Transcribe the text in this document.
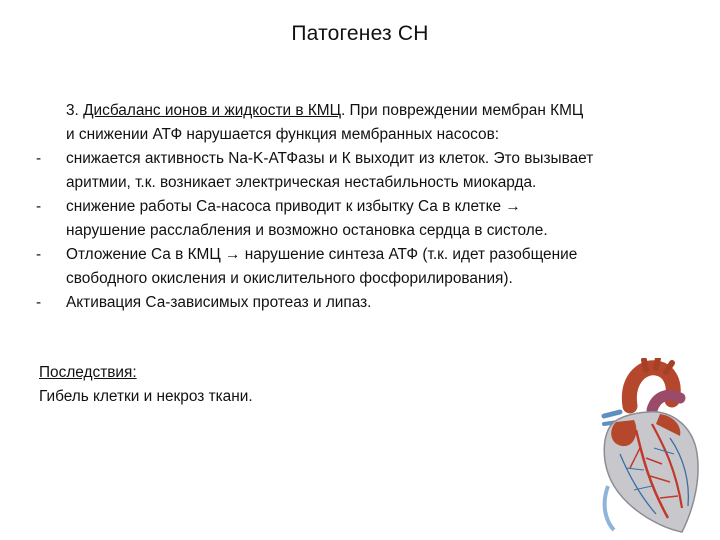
Патогенез СН
3. Дисбаланс ионов и жидкости в КМЦ. При повреждении мембран КМЦ
и снижении АТФ нарушается функция мембранных насосов:
- снижается активность Na-K-АТФазы и К выходит из клеток. Это вызывает
аритмии, т.к. возникает электрическая нестабильность миокарда.
- снижение работы Са-насоса приводит к избытку Са в клетке →
нарушение расслабления и возможно остановка сердца в систоле.
- Отложение Са в КМЦ → нарушение синтеза АТФ (т.к. идет разобщение
свободного окисления и окислительного фосфорилирования).
- Активация Са-зависимых протеаз и липаз.
Последствия:
Гибель клетки и некроз ткани.
